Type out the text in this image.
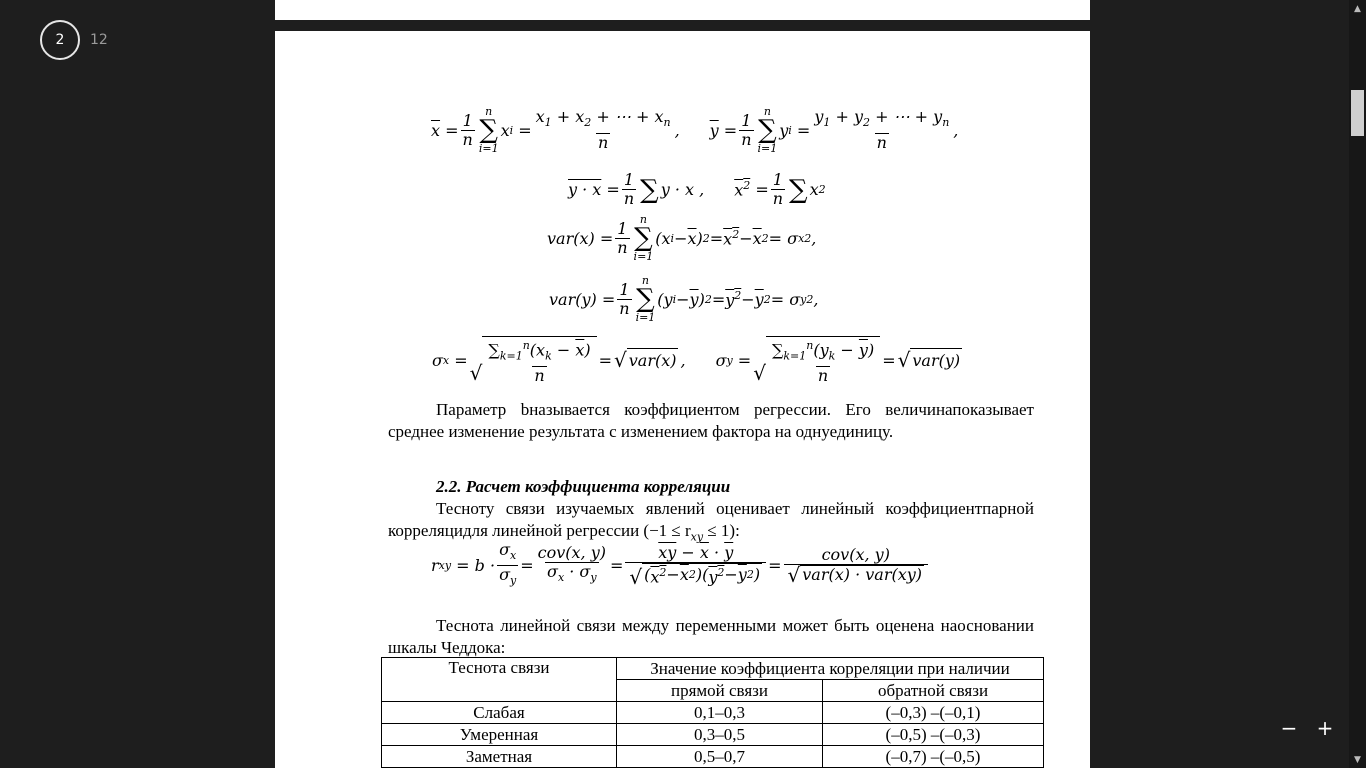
2	12
$\overline{x}$
= $\frac{1}{n}$ n
∑
i=1
x i
= $\frac{x_1 + x_2 + \cdots + x_n}{n}$ , $\overline{y}$
= $\frac{1}{n}$ n
∑
i=1
y i
= $\frac{y_1 + y_2 + \cdots + y_n}{n}$ ,
$y \cdot x = \frac{1}{n}$ ∑ y · x , $x^2 = \frac{1}{n}$ ∑ x 2
$var(x) = \frac{1}{n}$ n
∑
i=1
(x $i - \overline{x}$ ) $2 = x^2 - \overline{x}$ 2 = σ x 2 ,
$var(y) = \frac{1}{n}$ n
∑
i=1
(y $i - \overline{y}$ ) $2 = y^2 - \overline{y}$ 2 = σ y 2 ,
σ x =
√ $\frac{\sum_{k=1}^n(x_k - \overline{x})}{n}$ = √ var(x) ,
σ y =
√ $\frac{\sum_{k=1}^n(y_k - \overline{y})}{n}$ = √ var(y)
Параметр bназывается коэффициентом регрессии. Его величинапоказывает среднее изменение результата с изменением фактора на однуединицу.
2.2. Расчет коэффициента корреляции
Тесноту связи изучаемых явлений оценивает линейный коэффициентпарной корреляцидля линейной регрессии $(-1 \le r_{xy} \le 1)$:
r xy = $b \cdot \frac{\sigma_x}{\sigma_y} = \frac{\text{cov(x, y)}}{\sigma_x \cdot \sigma_y} = \frac{\overline{xy} - \overline{x} \cdot \overline{y}}{√ ( x^2 - \overline{x} 2 )( y^2 - \overline{y} 2 )} = \frac{\text{cov(x, y)}}{\text{√ var(x) · var(xy)}}$
Теснота линейной связи между переменными может быть оценена наосновании шкалы Чеддока:
Теснота связи	Значение коэффициента корреляции при наличии	
	прямой связи	обратной связи
Слабая	0,1–0,3	(–0,3) –(–0,1)
Умеренная	0,3–0,5	(–0,5) –(–0,3)
Заметная	0,5–0,7	(–0,7) –(–0,5)
▲
▼
− +
